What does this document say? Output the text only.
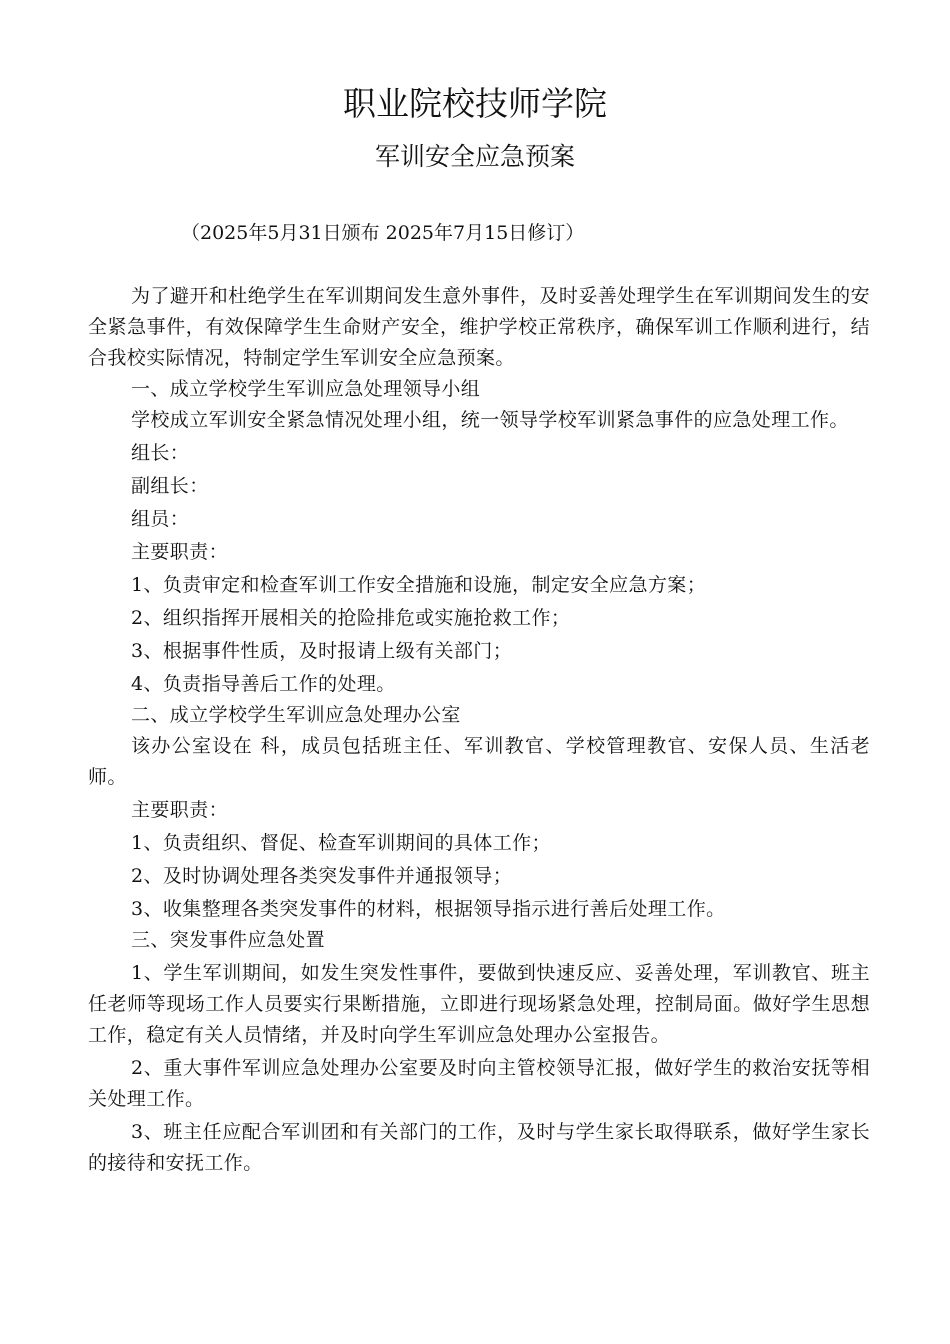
职业院校技师学院
军训安全应急预案
（2025年5月31日颁布 2025年7月15日修订）

为了避开和杜绝学生在军训期间发生意外事件，及时妥善处理学生在军训期间发生的安全紧急事件，有效保障学生生命财产安全，维护学校正常秩序，确保军训工作顺利进行，结合我校实际情况，特制定学生军训安全应急预案。

一、成立学校学生军训应急处理领导小组

学校成立军训安全紧急情况处理小组，统一领导学校军训紧急事件的应急处理工作。

组长：

副组长：

组员：

主要职责：

1、负责审定和检查军训工作安全措施和设施，制定安全应急方案；

2、组织指挥开展相关的抢险排危或实施抢救工作；

3、根据事件性质，及时报请上级有关部门；

4、负责指导善后工作的处理。

二、成立学校学生军训应急处理办公室

该办公室设在 科，成员包括班主任、军训教官、学校管理教官、安保人员、生活老师。

主要职责：

1、负责组织、督促、检查军训期间的具体工作；

2、及时协调处理各类突发事件并通报领导；

3、收集整理各类突发事件的材料，根据领导指示进行善后处理工作。

三、突发事件应急处置

1、学生军训期间，如发生突发性事件，要做到快速反应、妥善处理，军训教官、班主任老师等现场工作人员要实行果断措施，立即进行现场紧急处理，控制局面。做好学生思想工作，稳定有关人员情绪，并及时向学生军训应急处理办公室报告。

2、重大事件军训应急处理办公室要及时向主管校领导汇报，做好学生的救治安抚等相关处理工作。

3、班主任应配合军训团和有关部门的工作，及时与学生家长取得联系，做好学生家长的接待和安抚工作。
